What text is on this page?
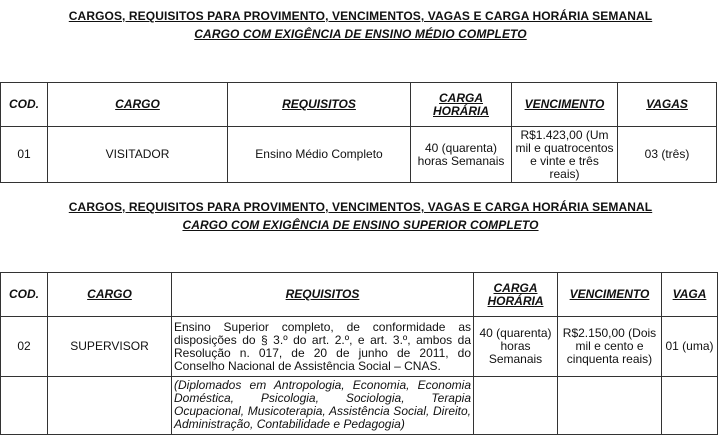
CARGOS, REQUISITOS PARA PROVIMENTO, VENCIMENTOS, VAGAS E CARGA HORÁRIA SEMANAL
CARGO COM EXIGÊNCIA DE ENSINO MÉDIO COMPLETO
COD.	CARGO	REQUISITOS	CARGA HORÁRIA	VENCIMENTO	VAGAS
01	VISITADOR	Ensino Médio Completo	40 (quarenta) horas Semanais	R$1.423,00 (Um mil e quatrocentos e vinte e três reais)	03 (três)
CARGOS, REQUISITOS PARA PROVIMENTO, VENCIMENTOS, VAGAS E CARGA HORÁRIA SEMANAL
CARGO COM EXIGÊNCIA DE ENSINO SUPERIOR COMPLETO
COD.	CARGO	REQUISITOS	CARGA HORÁRIA	VENCIMENTO	VAGA
02	SUPERVISOR	Ensino Superior completo, de conformidade as disposições do § 3.º do art. 2.º, e art. 3.º, ambos da Resolução n. 017, de 20 de junho de 2011, do Conselho Nacional de Assistência Social – CNAS.	40 (quarenta) horas Semanais	R$2.150,00 (Dois mil e cento e cinquenta reais)	01 (uma)
		(Diplomados em Antropologia, Economia, Economia Doméstica, Psicologia, Sociologia, Terapia Ocupacional, Musicoterapia, Assistência Social, Direito, Administração, Contabilidade e Pedagogia)			
